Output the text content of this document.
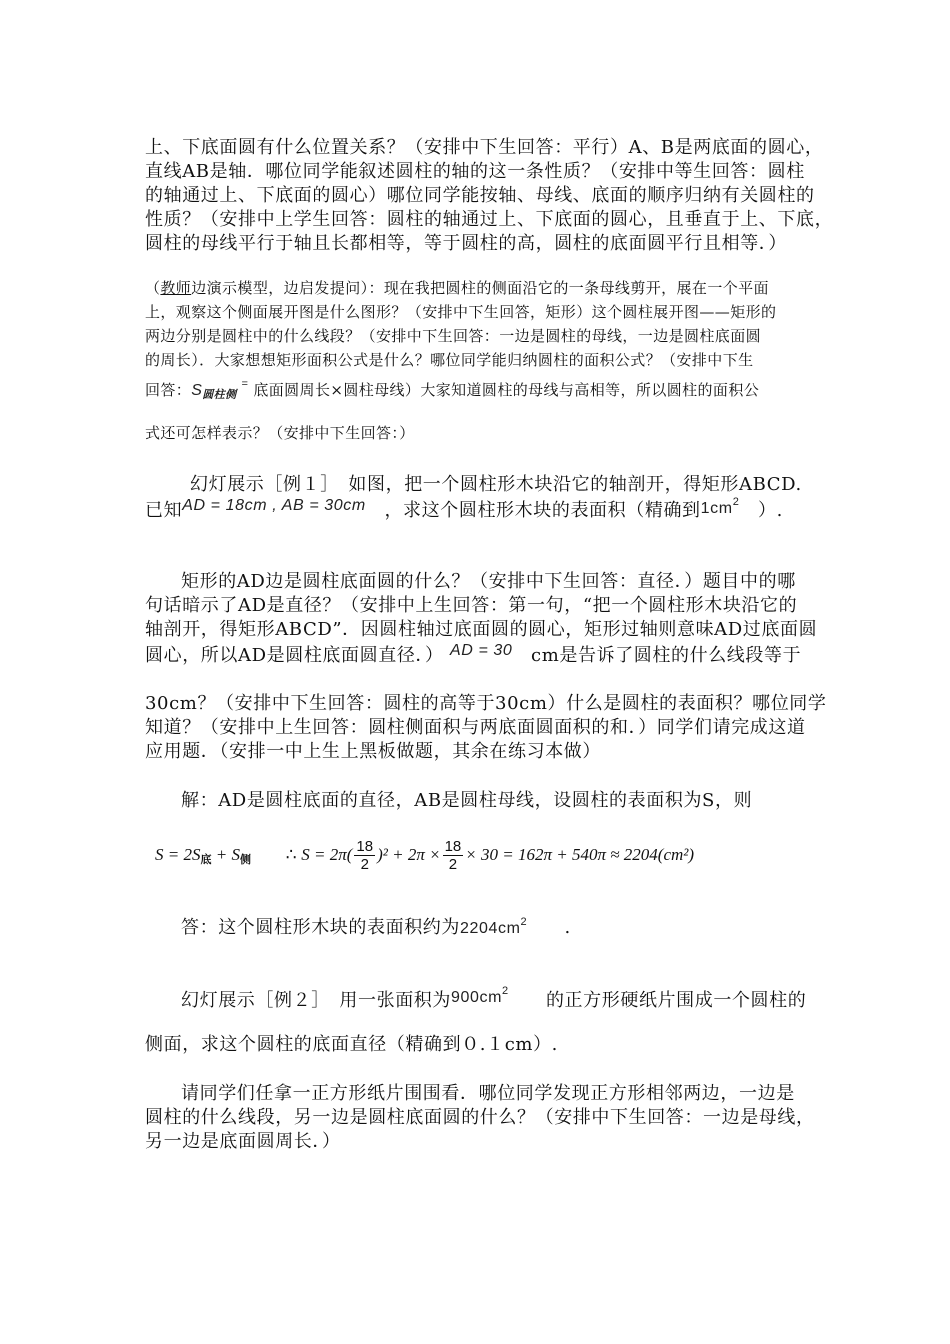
上、下底面圆有什么位置关系？（安排中下生回答：平行）A、B是两底面的圆心，
直线AB是轴．哪位同学能叙述圆柱的轴的这一条性质？（安排中等生回答：圆柱
的轴通过上、下底面的圆心）哪位同学能按轴、母线、底面的顺序归纳有关圆柱的
性质？（安排中上学生回答：圆柱的轴通过上、下底面的圆心，且垂直于上、下底，
圆柱的母线平行于轴且长都相等，等于圆柱的高，圆柱的底面圆平行且相等．）
（教师边演示模型，边启发提问）：现在我把圆柱的侧面沿它的一条母线剪开，展在一个平面
上，观察这个侧面展开图是什么图形？（安排中下生回答，矩形）这个圆柱展开图——矩形的
两边分别是圆柱中的什么线段？（安排中下生回答：一边是圆柱的母线，一边是圆柱底面圆
的周长）．大家想想矩形面积公式是什么？哪位同学能归纳圆柱的面积公式？（安排中下生
回答：$S_{圆柱侧}$ = 底面圆周长×圆柱母线）大家知道圆柱的母线与高相等，所以圆柱的面积公
式还可怎样表示？（安排中下生回答：）
幻灯展示［例１］　如图，把一个圆柱形木块沿它的轴剖开，得矩形ABCD.
已知AD = 18cm , AB = 30cm　 ，求这个圆柱形木块的表面积（精确到$1cm^2$　 ）.
矩形的AD边是圆柱底面圆的什么？（安排中下生回答：直径．）题目中的哪
句话暗示了AD是直径？（安排中上生回答：第一句，“把一个圆柱形木块沿它的
轴剖开，得矩形ABCD”．因圆柱轴过底面圆的圆心，矩形过轴则意味AD过底面圆
圆心，所以AD是圆柱底面圆直径．） AD = 30　 cm是告诉了圆柱的什么线段等于
30cm？（安排中下生回答：圆柱的高等于30cm）什么是圆柱的表面积？哪位同学
知道？（安排中上生回答：圆柱侧面积与两底面圆面积的和．）同学们请完成这道
应用题．（安排一中上生上黑板做题，其余在练习本做）
解：AD是圆柱底面的直径，AB是圆柱母线，设圆柱的表面积为S，则
$S = 2S_底 + S_侧$ ∴ $S = 2\pi( \frac{18}{2} )^2 + 2\pi \times \frac{18}{2} \times 30 = 162\pi + 540\pi \approx 2204(cm^2)$
答：这个圆柱形木块的表面积约为$2204cm^2$　　 .
幻灯展示［例２］　用一张面积为$900cm^2$　　 的正方形硬纸片围成一个圆柱的
侧面，求这个圆柱的底面直径（精确到０.１cm）.
请同学们任拿一正方形纸片围围看．哪位同学发现正方形相邻两边，一边是
圆柱的什么线段，另一边是圆柱底面圆的什么？（安排中下生回答：一边是母线，
另一边是底面圆周长．）
